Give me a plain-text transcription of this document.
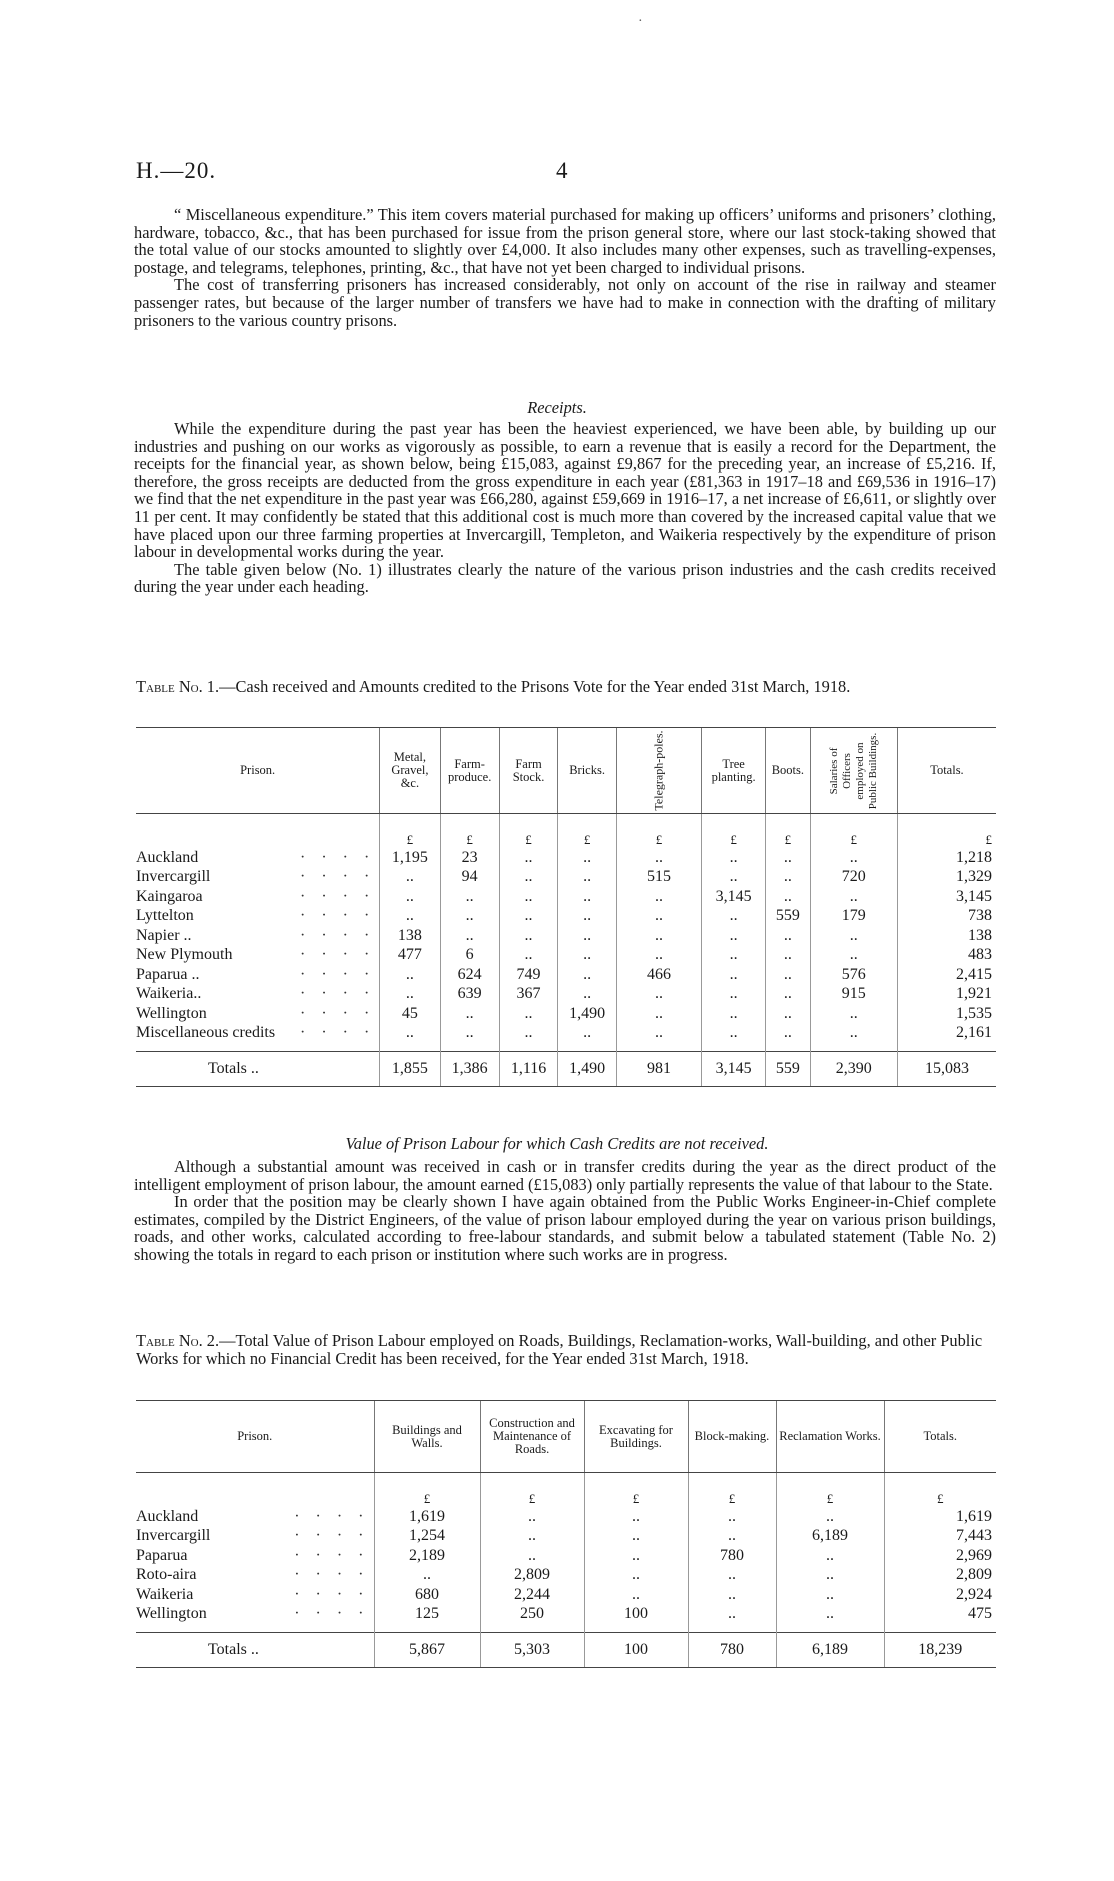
·
H.—20.	4

“ Miscellaneous expenditure.” This item covers material purchased for making up officers’ uniforms and prisoners’ clothing, hardware, tobacco, &c., that has been purchased for issue from the prison general store, where our last stock-taking showed that the total value of our stocks amounted to slightly over £4,000. It also includes many other expenses, such as travelling-expenses, postage, and telegrams, telephones, printing, &c., that have not yet been charged to individual prisons.

The cost of transferring prisoners has increased considerably, not only on account of the rise in railway and steamer passenger rates, but because of the larger number of transfers we have had to make in connection with the drafting of military prisoners to the various country prisons.

Receipts.

While the expenditure during the past year has been the heaviest experienced, we have been able, by building up our industries and pushing on our works as vigorously as possible, to earn a revenue that is easily a record for the Department, the receipts for the financial year, as shown below, being £15,083, against £9,867 for the preceding year, an increase of £5,216. If, therefore, the gross receipts are deducted from the gross expenditure in each year (£81,363 in 1917–18 and £69,536 in 1916–17) we find that the net expenditure in the past year was £66,280, against £59,669 in 1916–17, a net increase of £6,611, or slightly over 11 per cent. It may confidently be stated that this additional cost is much more than covered by the increased capital value that we have placed upon our three farming properties at Invercargill, Templeton, and Waikeria respectively by the expenditure of prison labour in developmental works during the year.

The table given below (No. 1) illustrates clearly the nature of the various prison industries and the cash credits received during the year under each heading.

Table No. 1.—Cash received and Amounts credited to the Prisons Vote for the Year ended 31st March, 1918.
Prison.	Metal, Gravel, &c.	Farm-produce.	Farm Stock.	Bricks.	Telegraph-poles.	Tree planting.	Boots.	Salaries of Officers employed on Public Buildings.	Totals.
	£	£	£	£	£	£	£	£	£

Auckland · · · ·	1,195	23	..	..	..	..	..	..	1,218

Invercargill · · · ·	..	94	..	..	515	..	..	720	1,329

Kaingaroa · · · ·	..	..	..	..	..	3,145	..	..	3,145

Lyttelton · · · ·	..	..	..	..	..	..	559	179	738

Napier .. · · · ·	138	..	..	..	..	..	..	..	138

New Plymouth · · · ·	477	6	..	..	..	..	..	..	483

Paparua .. · · · ·	..	624	749	..	466	..	..	576	2,415

Waikeria.. · · · ·	..	639	367	..	..	..	..	915	1,921

Wellington · · · ·	45	..	..	1,490	..	..	..	..	1,535

Miscellaneous credits · · · ·	..	..	..	..	..	..	..	..	2,161

Totals ..	1,855	1,386	1,116	1,490	981	3,145	559	2,390	15,083
Value of Prison Labour for which Cash Credits are not received.

Although a substantial amount was received in cash or in transfer credits during the year as the direct product of the intelligent employment of prison labour, the amount earned (£15,083) only partially represents the value of that labour to the State.

In order that the position may be clearly shown I have again obtained from the Public Works Engineer-in-Chief complete estimates, compiled by the District Engineers, of the value of prison labour employed during the year on various prison buildings, roads, and other works, calculated according to free-labour standards, and submit below a tabulated statement (Table No. 2) showing the totals in regard to each prison or institution where such works are in progress.

Table No. 2.—Total Value of Prison Labour employed on Roads, Buildings, Reclamation-works, Wall-building, and other Public Works for which no Financial Credit has been received, for the Year ended 31st March, 1918.
Prison.	Buildings and Walls.	Construction and Maintenance of Roads.	Excavating for Buildings.	Block-making.	Reclamation Works.	Totals.
	£	£	£	£	£	£

Auckland · · · ·	1,619	..	..	..	..	1,619

Invercargill · · · ·	1,254	..	..	..	6,189	7,443

Paparua · · · ·	2,189	..	..	780	..	2,969

Roto-aira · · · ·	..	2,809	..	..	..	2,809

Waikeria · · · ·	680	2,244	..	..	..	2,924

Wellington · · · ·	125	250	100	..	..	475

Totals ..	5,867	5,303	100	780	6,189	18,239
